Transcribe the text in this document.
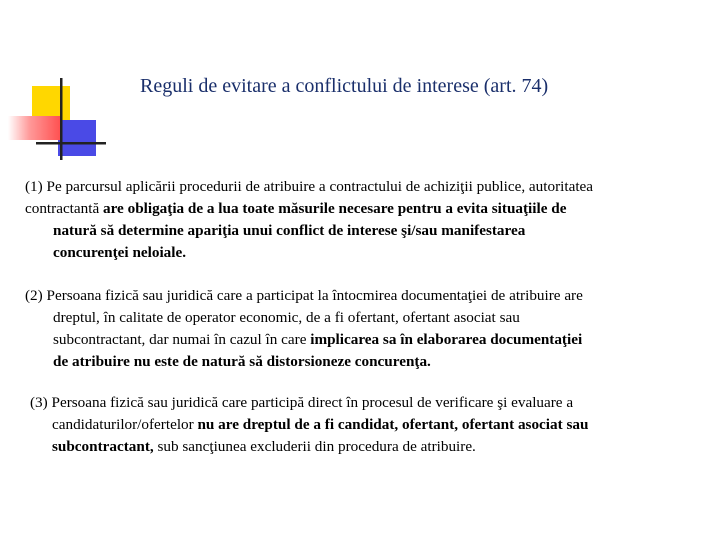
Reguli de evitare a conflictului de interese (art. 74)
(1) Pe parcursul aplicării procedurii de atribuire a contractului de achiziţii publice, autoritatea
contractantă are obligaţia de a lua toate măsurile necesare pentru a evita situaţiile de
natură să determine apariţia unui conflict de interese şi/sau manifestarea
concurenţei neloiale.
(2) Persoana fizică sau juridică care a participat la întocmirea documentaţiei de atribuire are
dreptul, în calitate de operator economic, de a fi ofertant, ofertant asociat sau
subcontractant, dar numai în cazul în care implicarea sa în elaborarea documentaţiei
de atribuire nu este de natură să distorsioneze concurenţa.
(3) Persoana fizică sau juridică care participă direct în procesul de verificare şi evaluare a
candidaturilor/ofertelor nu are dreptul de a fi candidat, ofertant, ofertant asociat sau
subcontractant, sub sancţiunea excluderii din procedura de atribuire.
